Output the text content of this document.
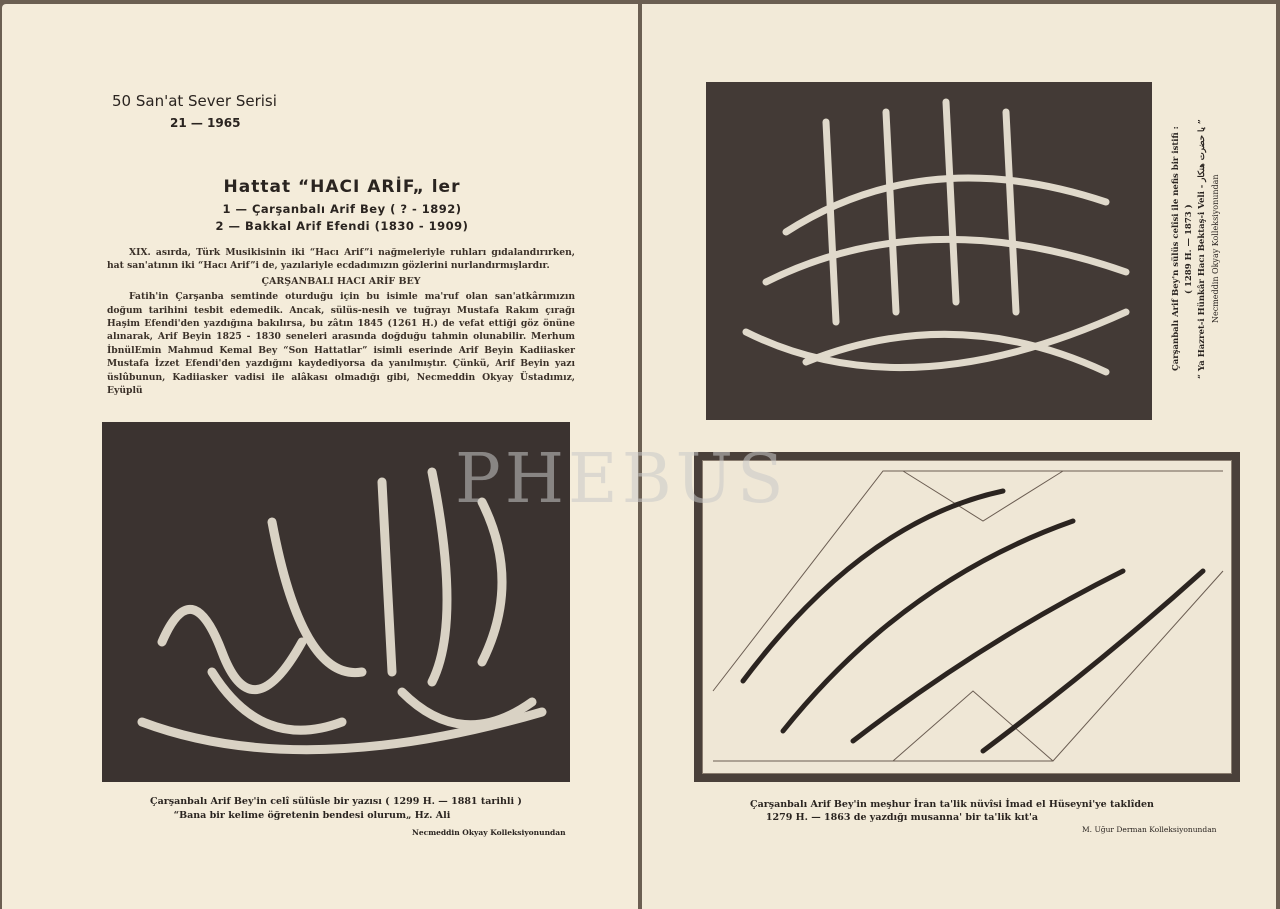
50 San'at Sever Serisi
21 — 1965
Hattat “HACI ARİF„ ler
1 — Çarşanbalı Arif Bey ( ? - 1892)
2 — Bakkal Arif Efendi (1830 - 1909)

XIX. asırda, Türk Musikisinin iki “Hacı Arif”i nağmeleriyle ruhları gıdalandırırken, hat san'atının iki “Hacı Arif”i de, yazılariyle ecdadımızın gözlerini nurlandırmışlardır.

ÇARŞANBALI HACI ARİF BEY

Fatih'in Çarşanba semtinde oturduğu için bu isimle ma'ruf olan san'atkârımızın doğum tarihini tesbit edemedik. Ancak, sülüs-nesih ve tuğrayı Mustafa Rakım çırağı Haşim Efendi'den yazdığına bakılırsa, bu zâtın 1845 (1261 H.) de vefat ettiği göz önüne alınarak, Arif Beyin 1825 - 1830 seneleri arasında doğduğu tahmin olunabilir. Merhum İbnülEmin Mahmud Kemal Bey “Son Hattatlar” isimli eserinde Arif Beyin Kadiiasker Mustafa İzzet Efendi'den yazdığını kaydediyorsa da yanılmıştır. Çünkü, Arif Beyin yazı üslûbunun, Kadiiasker vadisi ile alâkası olmadığı gibi, Necmeddin Okyay Üstadımız, Eyüplü

Çarşanbalı Arif Bey'in celî sülüsle bir yazısı ( 1299 H. — 1881 tarihli )
“Bana bir kelime öğretenin bendesi olurum„ Hz. Ali
Necmeddin Okyay Kolleksiyonundan
Çarşanbalı Arif Bey'n sülüs celîsi ile nefis bir istifi : ( 1289 H. — 1873 ) “ Ya Hazret-i Hünkâr Hacı Bektaş-i Veli - يا حضرت هنكار ”
Necmeddin Okyay Kolleksiyonundan
Çarşanbalı Arif Bey'in meşhur İran ta'lik nüvîsi İmad el Hüseyni'ye taklîden
1279 H. — 1863 de yazdığı musanna' bir ta'lik kıt'a
M. Uğur Derman Kolleksiyonundan
PHEBUS
